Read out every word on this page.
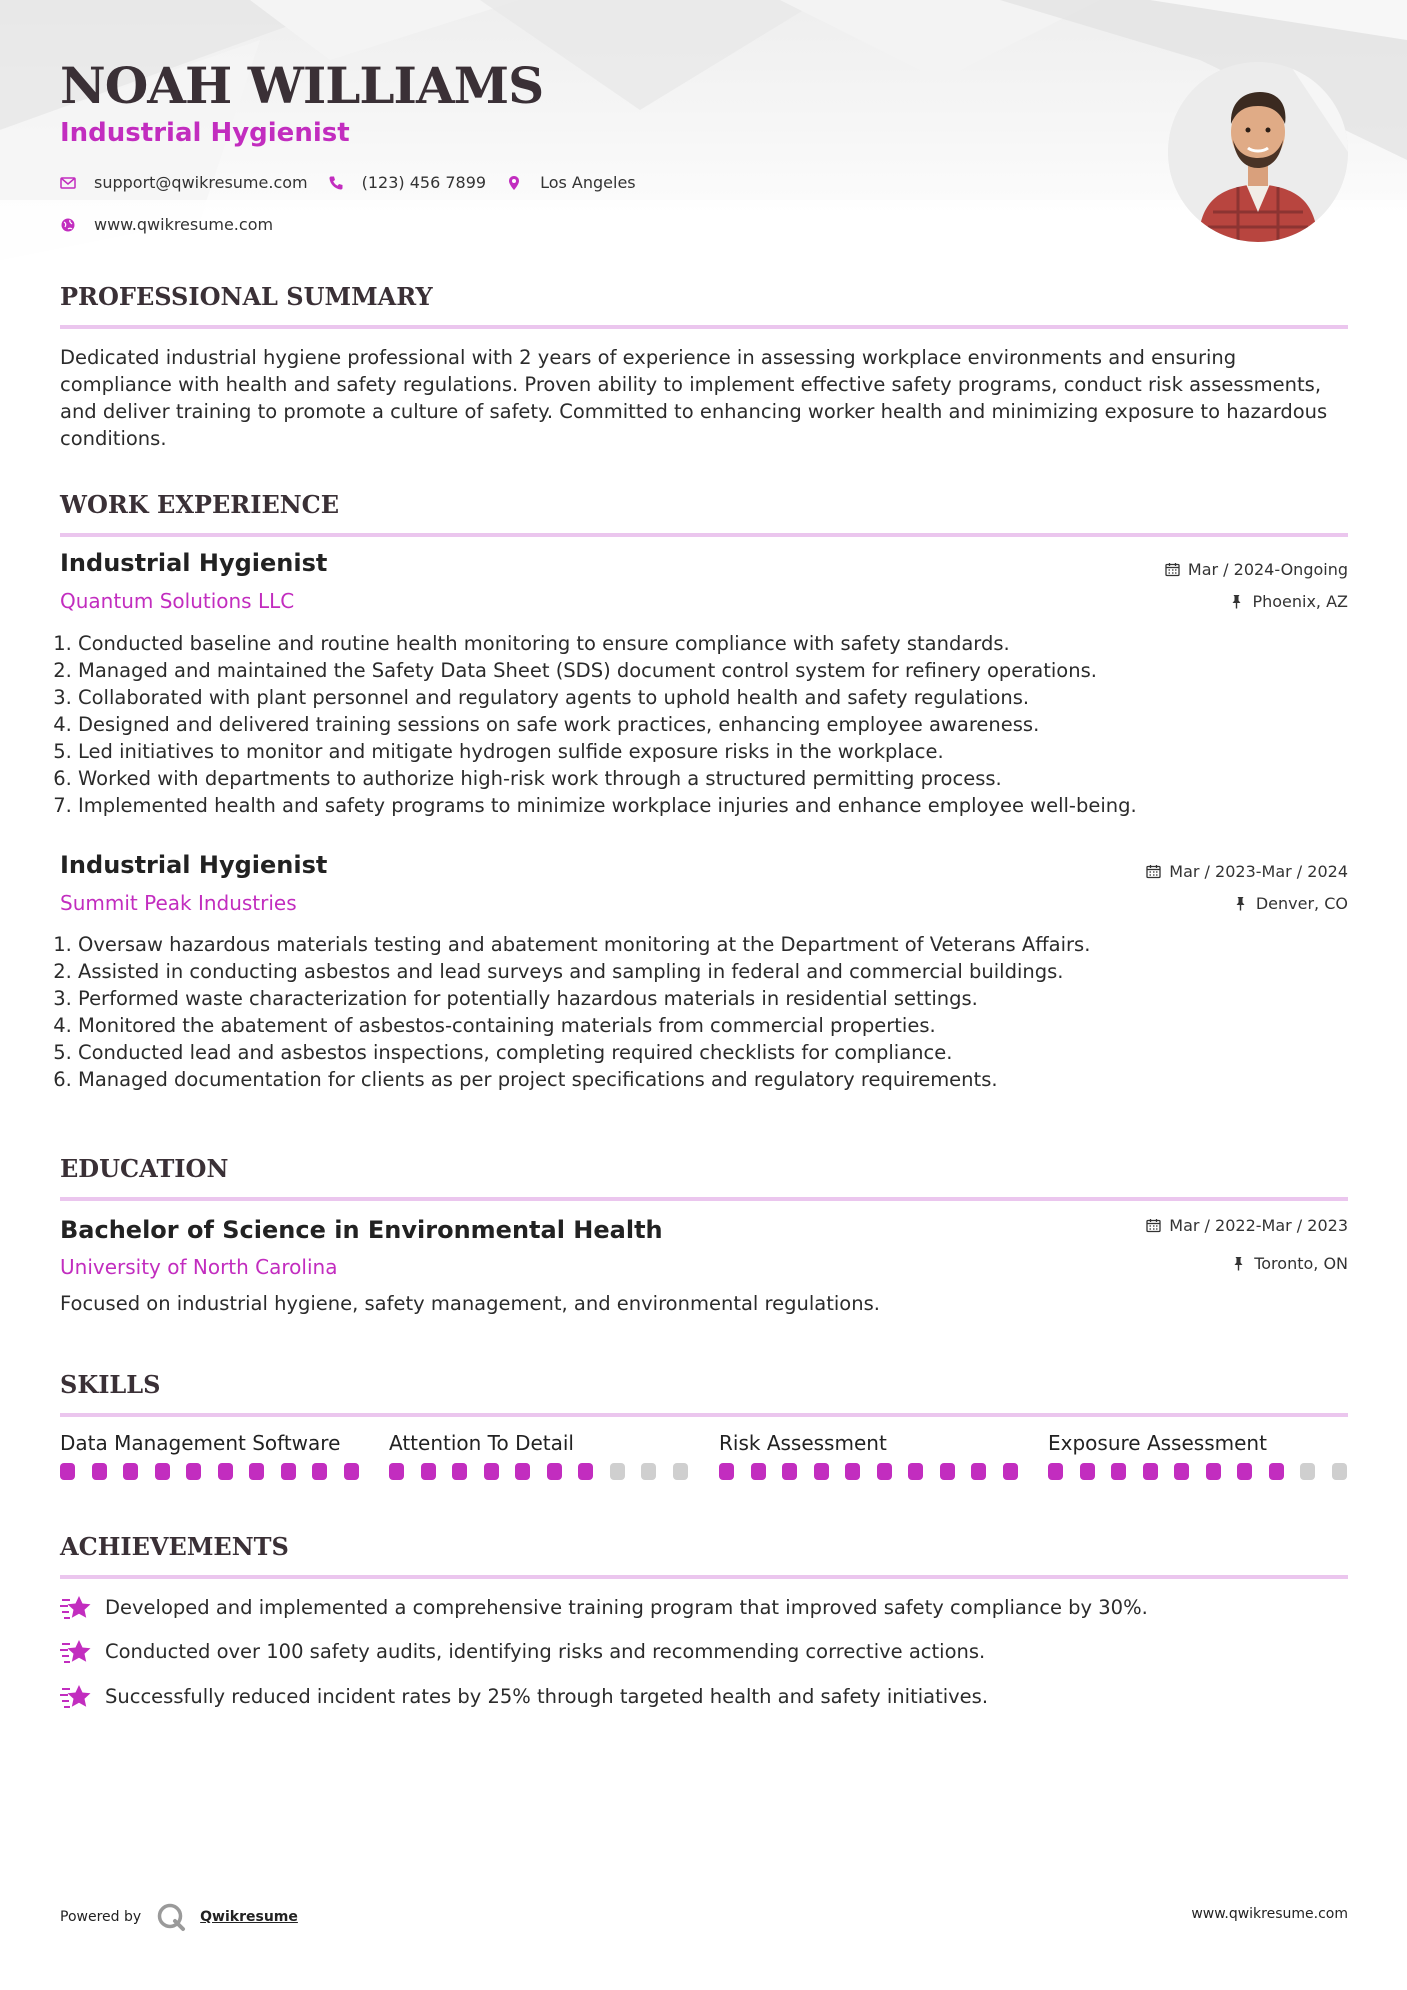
NOAH WILLIAMS
Industrial Hygienist
support@qwikresume.com	(123) 456 7899	Los Angeles
www.qwikresume.com
PROFESSIONAL SUMMARY

Dedicated industrial hygiene professional with 2 years of experience in assessing workplace environments and ensuring compliance with health and safety regulations. Proven ability to implement effective safety programs, conduct risk assessments, and deliver training to promote a culture of safety. Committed to enhancing worker health and minimizing exposure to hazardous conditions.

WORK EXPERIENCE
Industrial Hygienist
Quantum Solutions LLC
Mar / 2024-Ongoing
Phoenix, AZ
1. Conducted baseline and routine health monitoring to ensure compliance with safety standards.
2. Managed and maintained the Safety Data Sheet (SDS) document control system for refinery operations.
3. Collaborated with plant personnel and regulatory agents to uphold health and safety regulations.
4. Designed and delivered training sessions on safe work practices, enhancing employee awareness.
5. Led initiatives to monitor and mitigate hydrogen sulfide exposure risks in the workplace.
6. Worked with departments to authorize high-risk work through a structured permitting process.
7. Implemented health and safety programs to minimize workplace injuries and enhance employee well-being.
Industrial Hygienist
Summit Peak Industries
Mar / 2023-Mar / 2024
Denver, CO
1. Oversaw hazardous materials testing and abatement monitoring at the Department of Veterans Affairs.
2. Assisted in conducting asbestos and lead surveys and sampling in federal and commercial buildings.
3. Performed waste characterization for potentially hazardous materials in residential settings.
4. Monitored the abatement of asbestos-containing materials from commercial properties.
5. Conducted lead and asbestos inspections, completing required checklists for compliance.
6. Managed documentation for clients as per project specifications and regulatory requirements.
EDUCATION
Bachelor of Science in Environmental Health
University of North Carolina
Mar / 2022-Mar / 2023
Toronto, ON

Focused on industrial hygiene, safety management, and environmental regulations.

SKILLS
Data Management Software Attention To Detail	Risk Assessment	Exposure Assessment
ACHIEVEMENTS
Developed and implemented a comprehensive training program that improved safety compliance by 30%.
Conducted over 100 safety audits, identifying risks and recommending corrective actions.
Successfully reduced incident rates by 25% through targeted health and safety initiatives.
Powered by	Qwikresume	www.qwikresume.com
